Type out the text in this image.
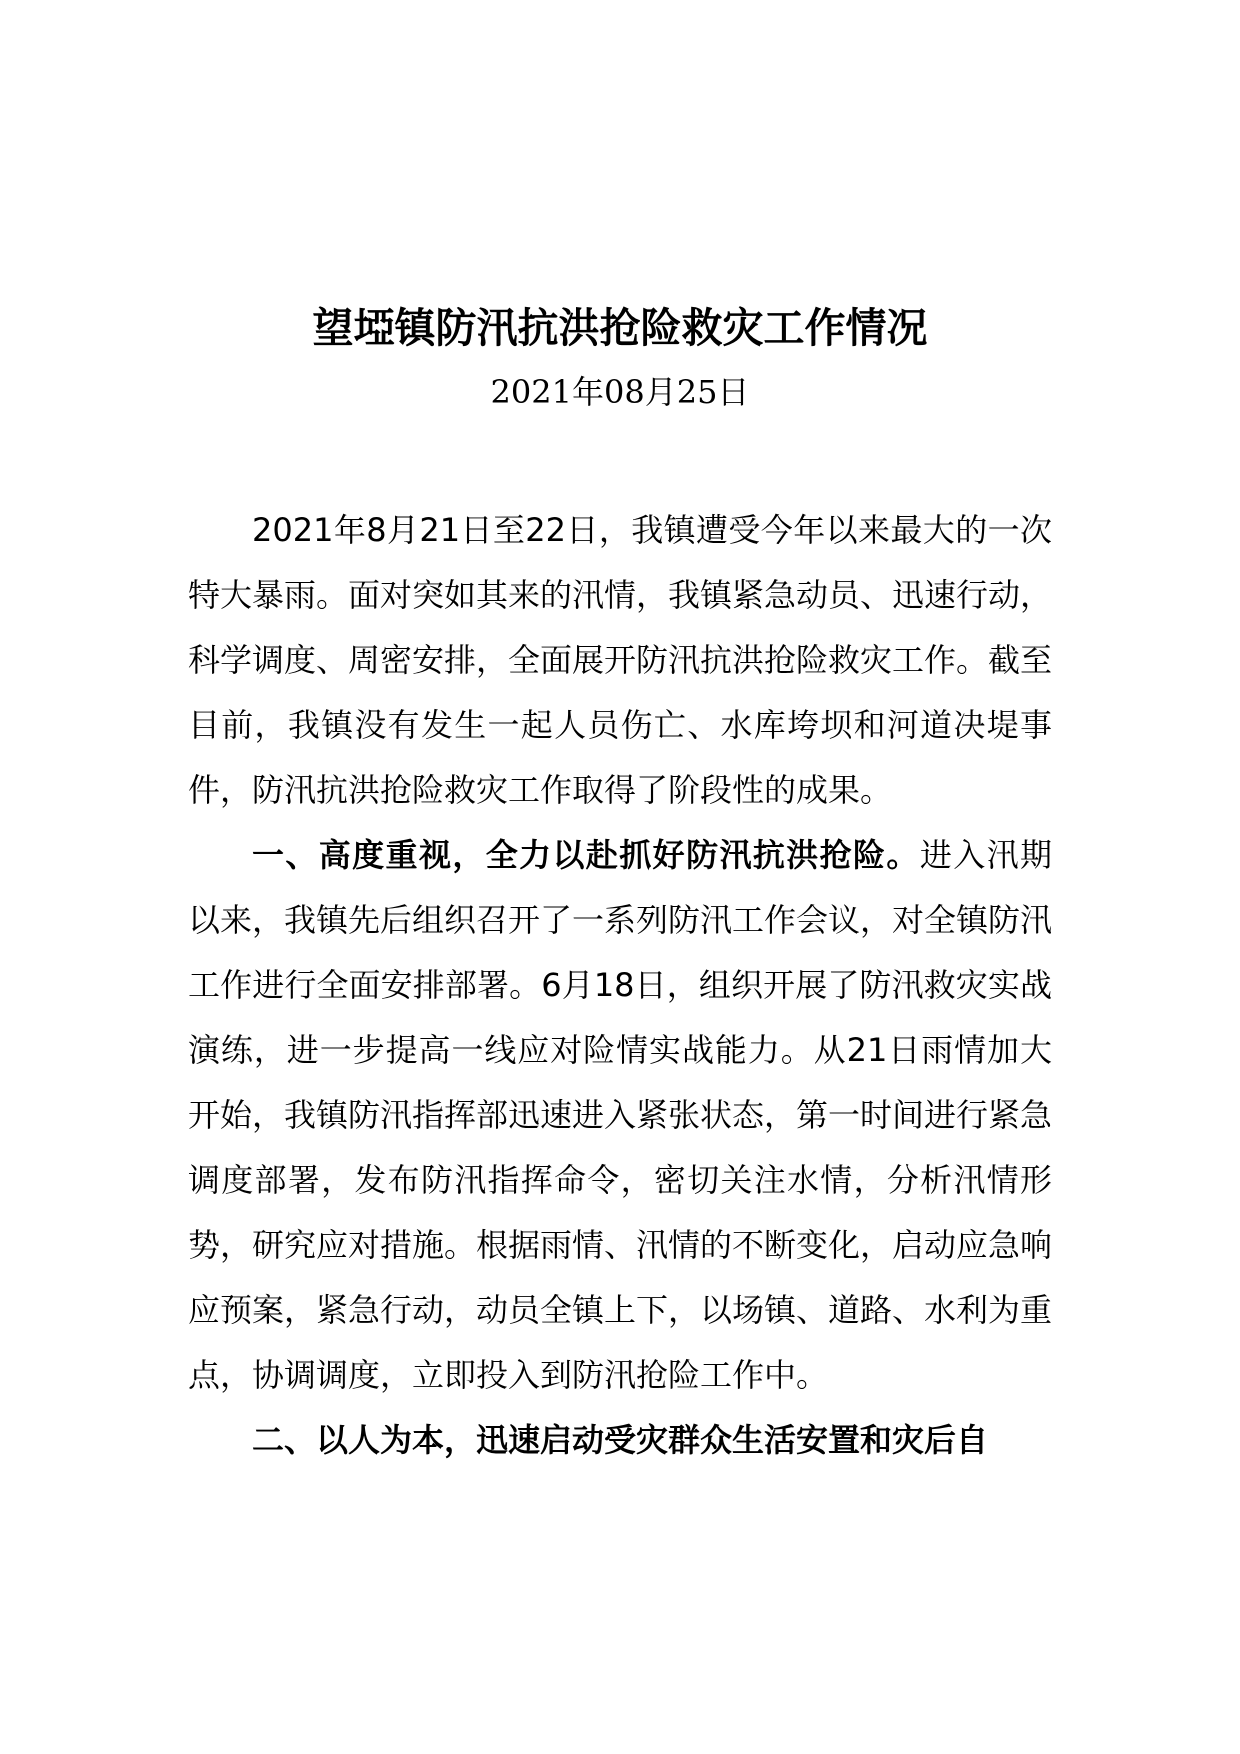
望埡镇防汛抗洪抢险救灾工作情况
2021年08月25日

2021年8月21日至22日，我镇遭受今年以来最大的一次特大暴雨。面对突如其来的汛情，我镇紧急动员、迅速行动，科学调度、周密安排，全面展开防汛抗洪抢险救灾工作。截至目前，我镇没有发生一起人员伤亡、水库垮坝和河道决堤事件，防汛抗洪抢险救灾工作取得了阶段性的成果。

一、高度重视，全力以赴抓好防汛抗洪抢险。进入汛期以来，我镇先后组织召开了一系列防汛工作会议，对全镇防汛工作进行全面安排部署。6月18日，组织开展了防汛救灾实战演练，进一步提高一线应对险情实战能力。从21日雨情加大开始，我镇防汛指挥部迅速进入紧张状态，第一时间进行紧急调度部署，发布防汛指挥命令，密切关注水情，分析汛情形势，研究应对措施。根据雨情、汛情的不断变化，启动应急响应预案，紧急行动，动员全镇上下，以场镇、道路、水利为重点，协调调度，立即投入到防汛抢险工作中。

二、以人为本，迅速启动受灾群众生活安置和灾后自
